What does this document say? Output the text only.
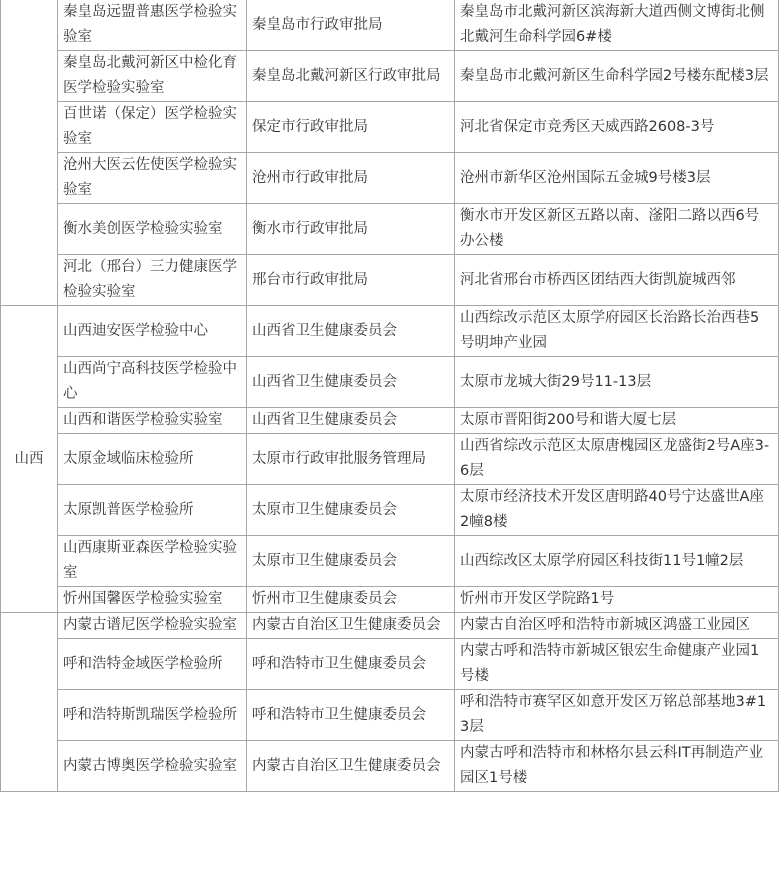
	秦皇岛远盟普惠医学检验实验室	秦皇岛市行政审批局	秦皇岛市北戴河新区滨海新大道西侧文博街北侧北戴河生命科学园6#楼
	秦皇岛北戴河新区中检化育医学检验实验室	秦皇岛北戴河新区行政审批局	秦皇岛市北戴河新区生命科学园2号楼东配楼3层
	百世诺（保定）医学检验实验室	保定市行政审批局	河北省保定市竞秀区天威西路2608-3号
	沧州大医云佐使医学检验实验室	沧州市行政审批局	沧州市新华区沧州国际五金城9号楼3层
	衡水美创医学检验实验室	衡水市行政审批局	衡水市开发区新区五路以南、滏阳二路以西6号办公楼
	河北（邢台）三力健康医学检验实验室	邢台市行政审批局	河北省邢台市桥西区团结西大街凯旋城西邻
山西	山西迪安医学检验中心	山西省卫生健康委员会	山西综改示范区太原学府园区长治路长治西巷5号明坤产业园
	山西尚宁高科技医学检验中心	山西省卫生健康委员会	太原市龙城大街29号11-13层
	山西和谐医学检验实验室	山西省卫生健康委员会	太原市晋阳街200号和谐大厦七层
	太原金域临床检验所	太原市行政审批服务管理局	山西省综改示范区太原唐槐园区龙盛街2号A座3-6层
	太原凯普医学检验所	太原市卫生健康委员会	太原市经济技术开发区唐明路40号宁达盛世A座2幢8楼
	山西康斯亚森医学检验实验室	太原市卫生健康委员会	山西综改区太原学府园区科技街11号1幢2层
	忻州国馨医学检验实验室	忻州市卫生健康委员会	忻州市开发区学院路1号
	内蒙古谱尼医学检验实验室	内蒙古自治区卫生健康委员会	内蒙古自治区呼和浩特市新城区鸿盛工业园区
	呼和浩特金域医学检验所	呼和浩特市卫生健康委员会	内蒙古呼和浩特市新城区银宏生命健康产业园1号楼
	呼和浩特斯凯瑞医学检验所	呼和浩特市卫生健康委员会	呼和浩特市赛罕区如意开发区万铭总部基地3#13层
	内蒙古博奥医学检验实验室	内蒙古自治区卫生健康委员会	内蒙古呼和浩特市和林格尔县云科IT再制造产业园区1号楼
